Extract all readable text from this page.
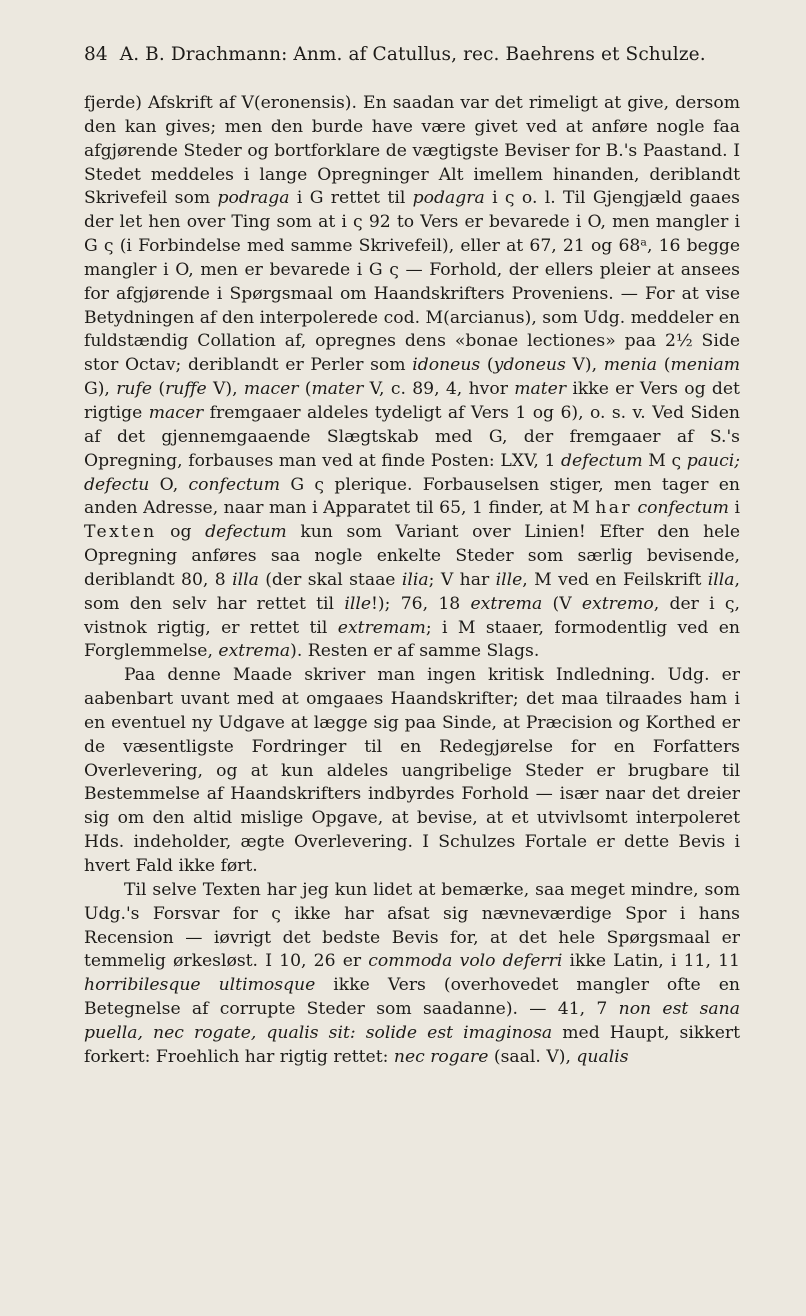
84 A. B. Drachmann: Anm. af Catullus, rec. Baehrens et Schulze.

fjerde) Afskrift af V(eronensis). En saadan var det rimeligt at give, dersom den kan gives; men den burde have være givet ved at anføre nogle faa afgjørende Steder og bortforklare de vægtigste Beviser for B.'s Paastand. I Stedet meddeles i lange Opregninger Alt imellem hinanden, deriblandt Skrivefeil som podraga i G rettet til podagra i ς o. l. Til Gjengjæld gaaes der let hen over Ting som at i ς 92 to Vers er bevarede i O, men mangler i G ς (i Forbindelse med samme Skrivefeil), eller at 67, 21 og 68ᵃ, 16 begge mangler i O, men er bevarede i G ς — Forhold, der ellers pleier at ansees for afgjørende i Spørgsmaal om Haandskrifters Proveniens. — For at vise Betydningen af den interpolerede cod. M(arcianus), som Udg. meddeler en fuldstændig Collation af, opregnes dens «bonae lectiones» paa 2½ Side stor Octav; deriblandt er Perler som idoneus (ydoneus V), menia (meniam G), rufe (ruffe V), macer (mater V, c. 89, 4, hvor mater ikke er Vers og det rigtige macer fremgaaer aldeles tydeligt af Vers 1 og 6), o. s. v. Ved Siden af det gjennemgaaende Slægtskab med G, der fremgaaer af S.'s Opregning, forbauses man ved at finde Posten: LXV, 1 defectum M ς pauci; defectu O, confectum G ς plerique. Forbauselsen stiger, men tager en anden Adresse, naar man i Apparatet til 65, 1 finder, at M har confectum i Texten og defectum kun som Variant over Linien! Efter den hele Opregning anføres saa nogle enkelte Steder som særlig bevisende, deriblandt 80, 8 illa (der skal staae ilia; V har ille, M ved en Feilskrift illa, som den selv har rettet til ille!); 76, 18 extrema (V extremo, der i ς, vistnok rigtig, er rettet til extremam; i M staaer, formodentlig ved en Forglemmelse, extrema). Resten er af samme Slags.

Paa denne Maade skriver man ingen kritisk Indledning. Udg. er aabenbart uvant med at omgaaes Haandskrifter; det maa tilraades ham i en eventuel ny Udgave at lægge sig paa Sinde, at Præcision og Korthed er de væsentligste Fordringer til en Redegjørelse for en Forfatters Overlevering, og at kun aldeles uangribelige Steder er brugbare til Bestemmelse af Haandskrifters indbyrdes Forhold — især naar det dreier sig om den altid mislige Opgave, at bevise, at et utvivlsomt interpoleret Hds. indeholder, ægte Overlevering. I Schulzes Fortale er dette Bevis i hvert Fald ikke ført.

Til selve Texten har jeg kun lidet at bemærke, saa meget mindre, som Udg.'s Forsvar for ς ikke har afsat sig nævneværdige Spor i hans Recension — iøvrigt det bedste Bevis for, at det hele Spørgsmaal er temmelig ørkesløst. I 10, 26 er commoda volo deferri ikke Latin, i 11, 11 horribilesque ultimosque ikke Vers (overhovedet mangler ofte en Betegnelse af corrupte Steder som saadanne). — 41, 7 non est sana puella, nec rogate, qualis sit: solide est imaginosa med Haupt, sikkert forkert: Froehlich har rigtig rettet: nec rogare (saal. V), qualis
